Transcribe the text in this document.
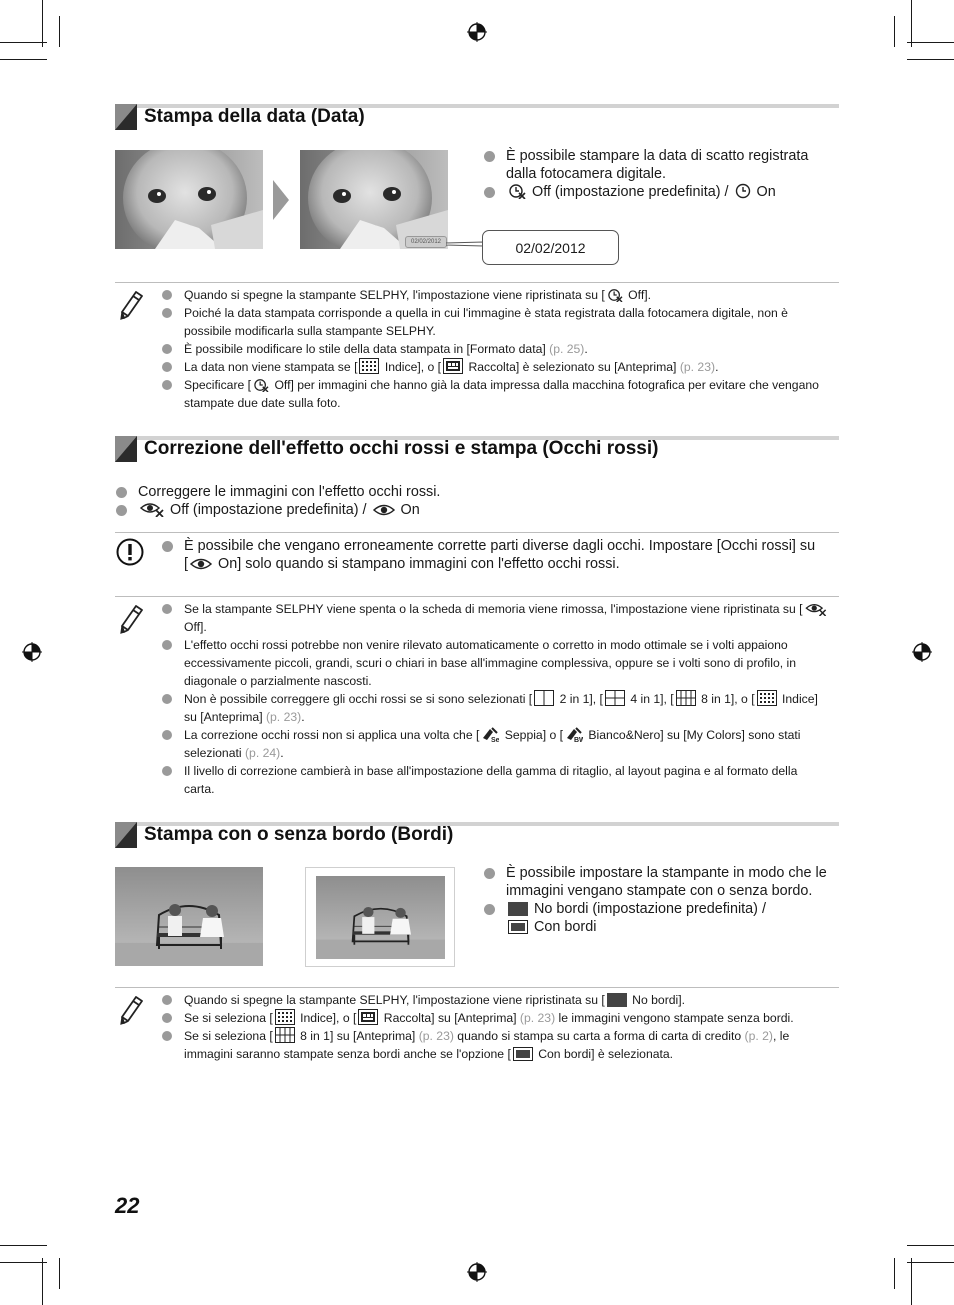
Stampa della data (Data)
02/02/2012	02/02/2012
È possibile stampare la data di scatto registrata dalla fotocamera digitale.
Off (impostazione predefinita) /  On
Quando si spegne la stampante SELPHY, l'impostazione viene ripristinata su [ Off].
Poiché la data stampata corrisponde a quella in cui l'immagine è stata registrata dalla fotocamera digitale, non è possibile modificarla sulla stampante SELPHY.
È possibile modificare lo stile della data stampata in [Formato data] (p. 25).
La data non viene stampata se [ Indice], o [ Raccolta] è selezionato su [Anteprima] (p. 23).
Specificare [ Off] per immagini che hanno già la data impressa dalla macchina fotografica per evitare che vengano stampate due date sulla foto.
Correzione dell'effetto occhi rossi e stampa (Occhi rossi)
Correggere le immagini con l'effetto occhi rossi.
Off (impostazione predefinita) /  On
È possibile che vengano erroneamente corrette parti diverse dagli occhi. Impostare [Occhi rossi] su [ On] solo quando si stampano immagini con l'effetto occhi rossi.
Se la stampante SELPHY viene spenta o la scheda di memoria viene rimossa, l'impostazione viene ripristinata su [ Off].
L'effetto occhi rossi potrebbe non venire rilevato automaticamente o corretto in modo ottimale se i volti appaiono eccessivamente piccoli, grandi, scuri o chiari in base all'immagine complessiva, oppure se i volti sono di profilo, in diagonale o parzialmente nascosti.
Non è possibile correggere gli occhi rossi se si sono selezionati [ 2 in 1], [ 4 in 1], [ 8 in 1], o [ Indice] su [Anteprima] (p. 23).
La correzione occhi rossi non si applica una volta che [ Seppia] o [ Bianco&Nero] su [My Colors] sono stati selezionati (p. 24).
Il livello di correzione cambierà in base all'impostazione della gamma di ritaglio, al layout pagina e al formato della carta.
Stampa con o senza bordo (Bordi)
È possibile impostare la stampante in modo che le immagini vengano stampate con o senza bordo.
No bordi (impostazione predefinita) /
Con bordi
Quando si spegne la stampante SELPHY, l'impostazione viene ripristinata su [ No bordi].
Se si seleziona [ Indice], o [ Raccolta] su [Anteprima] (p. 23) le immagini vengono stampate senza bordi.
Se si seleziona [ 8 in 1] su [Anteprima] (p. 23) quando si stampa su carta a forma di carta di credito (p. 2), le immagini saranno stampate senza bordi anche se l'opzione [ Con bordi] è selezionata.
22
